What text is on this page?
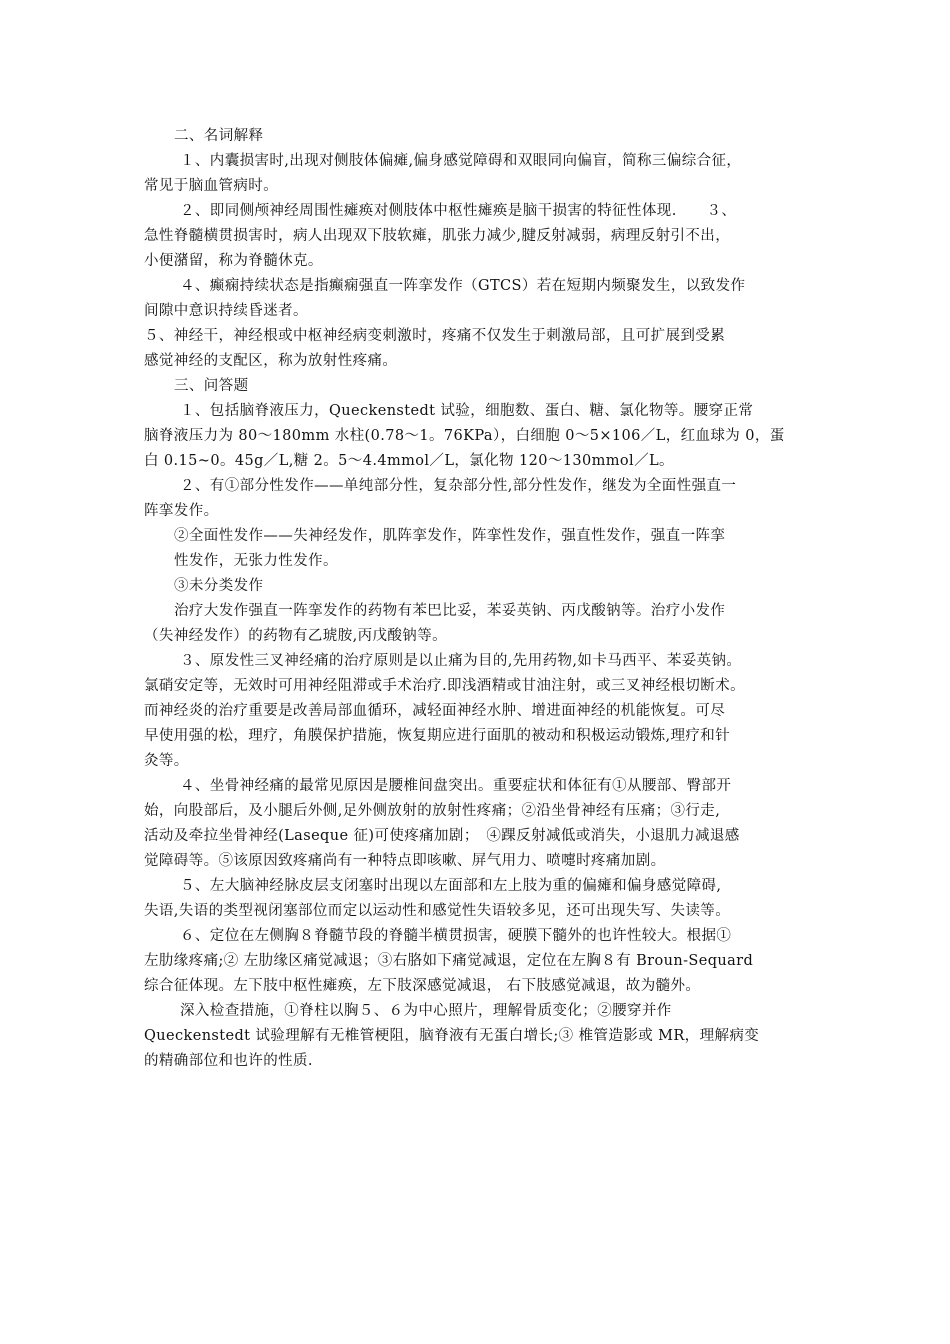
二、名词解释
１、内囊损害时,出现对侧肢体偏瘫,偏身感觉障碍和双眼同向偏盲，简称三偏综合征，
常见于脑血管病时。
２、即同侧颅神经周围性瘫痪对侧肢体中枢性瘫痪是脑干损害的特征性体现.　　３、
急性脊髓横贯损害时，病人出现双下肢软瘫，肌张力减少,腱反射减弱，病理反射引不出，
小便潴留，称为脊髓休克。
４、癫痫持续状态是指癫痫强直一阵挛发作（GTCS）若在短期内频聚发生，以致发作
间隙中意识持续昏迷者。
５、神经干，神经根或中枢神经病变刺激时，疼痛不仅发生于刺激局部，且可扩展到受累
感觉神经的支配区，称为放射性疼痛。
三、问答题
１、包括脑脊液压力，Queckenstedt 试验，细胞数、蛋白、糖、氯化物等。腰穿正常
脑脊液压力为 80～180mm 水柱(0.78～1。76KPa），白细胞 0～5×106／L，红血球为 0，蛋
白 0.15~0。45g／L,糖 2。5～4.4mmol／L，氯化物 120～130mmol／L。
２、有①部分性发作——单纯部分性，复杂部分性,部分性发作，继发为全面性强直一
阵挛发作。
②全面性发作——失神经发作，肌阵挛发作，阵挛性发作，强直性发作，强直一阵挛
性发作，无张力性发作。
③未分类发作
治疗大发作强直一阵挛发作的药物有苯巴比妥，苯妥英钠、丙戊酸钠等。治疗小发作
（失神经发作）的药物有乙琥胺,丙戊酸钠等。
３、原发性三叉神经痛的治疗原则是以止痛为目的,先用药物,如卡马西平、苯妥英钠。
氯硝安定等，无效时可用神经阻滞或手术治疗.即浅酒精或甘油注射，或三叉神经根切断术。
而神经炎的治疗重要是改善局部血循环，减轻面神经水肿、增进面神经的机能恢复。可尽
早使用强的松，理疗，角膜保护措施，恢复期应进行面肌的被动和积极运动锻炼,理疗和针
灸等。
４、坐骨神经痛的最常见原因是腰椎间盘突出。重要症状和体征有①从腰部、臀部开
始，向股部后，及小腿后外侧,足外侧放射的放射性疼痛；②沿坐骨神经有压痛；③行走,
活动及牵拉坐骨神经(Laseque 征)可使疼痛加剧；　④踝反射减低或消失，小退肌力减退感
觉障碍等。⑤该原因致疼痛尚有一种特点即咳嗽、屏气用力、喷嚏时疼痛加剧。
５、左大脑神经脉皮层支闭塞时出现以左面部和左上肢为重的偏瘫和偏身感觉障碍,
失语,失语的类型视闭塞部位而定以运动性和感觉性失语较多见，还可出现失写、失读等。
６、定位在左侧胸８脊髓节段的脊髓半横贯损害，硬膜下髓外的也许性较大。根据①
左肋缘疼痛;② 左肋缘区痛觉减退；③右胳如下痛觉减退，定位在左胸８有 Broun-Sequard
综合征体现。左下肢中枢性瘫痪，左下肢深感觉减退， 右下肢感觉减退，故为髓外。
深入检查措施，①脊柱以胸５、６为中心照片，理解骨质变化；②腰穿并作
Queckenstedt 试验理解有无椎管梗阻，脑脊液有无蛋白增长;③ 椎管造影或 MR，理解病变
的精确部位和也许的性质.
